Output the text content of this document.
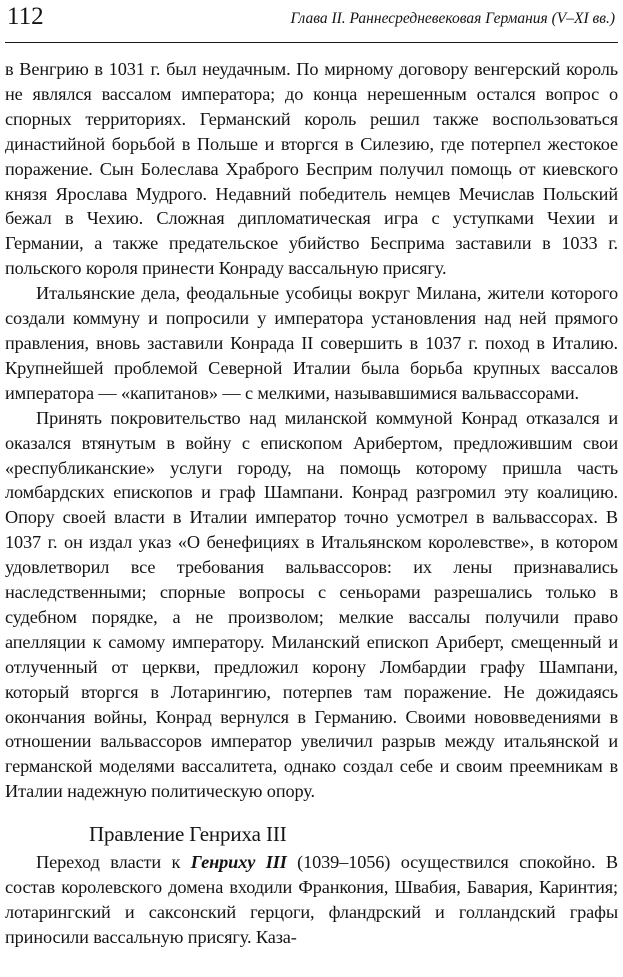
112	Глава II. Раннесредневековая Германия (V–XI вв.)

в Венгрию в 1031 г. был неудачным. По мирному договору венгерский король не являлся вассалом императора; до конца нерешенным остался вопрос о спорных территориях. Германский король решил также воспользоваться династийной борьбой в Польше и вторгся в Силезию, где потерпел жестокое поражение. Сын Болеслава Храброго Бесприм получил помощь от киевского князя Ярослава Мудрого. Недавний победитель немцев Мечислав Польский бежал в Чехию. Сложная дипломатическая игра с уступками Чехии и Германии, а также предательское убийство Бесприма заставили в 1033 г. польского короля принести Конраду вассальную присягу.

Итальянские дела, феодальные усобицы вокруг Милана, жители которого создали коммуну и попросили у императора установления над ней прямого правления, вновь заставили Конрада II совершить в 1037 г. поход в Италию. Крупнейшей проблемой Северной Италии была борьба крупных вассалов императора — «капитанов» — с мелкими, называвшимися вальвассорами.

Принять покровительство над миланской коммуной Конрад отказался и оказался втянутым в войну с епископом Арибертом, предложившим свои «республиканские» услуги городу, на помощь которому пришла часть ломбардских епископов и граф Шампани. Конрад разгромил эту коалицию. Опору своей власти в Италии император точно усмотрел в вальвассорах. В 1037 г. он издал указ «О бенефициях в Итальянском королевстве», в котором удовлетворил все требования вальвассоров: их лены признавались наследственными; спорные вопросы с сеньорами разрешались только в судебном порядке, а не произволом; мелкие вассалы получили право апелляции к самому императору. Миланский епископ Ариберт, смещенный и отлученный от церкви, предложил корону Ломбардии графу Шампани, который вторгся в Лотарингию, потерпев там поражение. Не дожидаясь окончания войны, Конрад вернулся в Германию. Своими нововведениями в отношении вальвассоров император увеличил разрыв между итальянской и германской моделями вассалитета, однако создал себе и своим преемникам в Италии надежную политическую опору.

Правление Генриха III

Переход власти к Генриху III (1039–1056) осуществился спокойно. В состав королевского домена входили Франкония, Швабия, Бавария, Каринтия; лотарингский и саксонский герцоги, фландрский и голландский графы приносили вассальную присягу. Каза-
